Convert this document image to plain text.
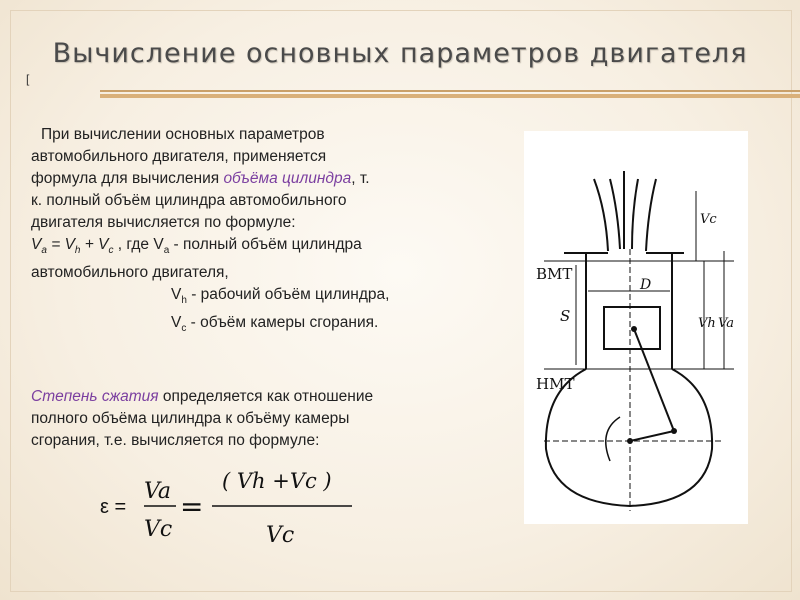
Вычисление основных параметров двигателя
[
При вычислении основных параметров
автомобильного двигателя, применяется
формула для вычисления объёма цилиндра, т.
к. полный объём цилиндра автомобильного
двигателя вычисляется по формуле:
$V_a = V_h + V_c$ , где $V_a$ - полный объём цилиндра
автомобильного двигателя,
$V_h$ - рабочий объём цилиндра,
$V_c$ - объём камеры сгорания.
Степень сжатия определяется как отношение
полного объёма цилиндра к объёму камеры
сгорания, т.е. вычисляется по формуле:
ε =
Va
Vc
=
( Vh +Vc )
Vc
ВМТ
НМТ
D
S
Vc
Vh Va
